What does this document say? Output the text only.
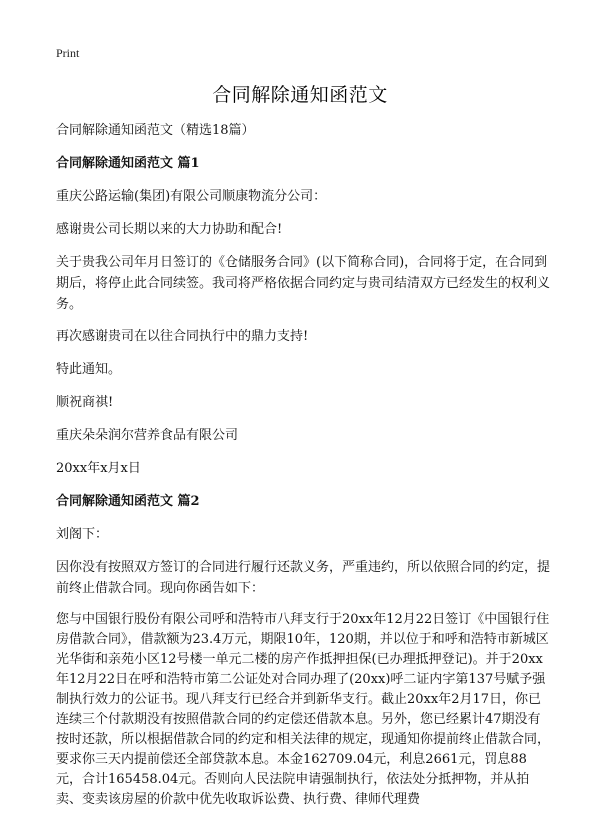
Print
合同解除通知函范文

合同解除通知函范文（精选18篇）

合同解除通知函范文 篇1

重庆公路运输(集团)有限公司顺康物流分公司：

感谢贵公司长期以来的大力协助和配合!

关于贵我公司年月日签订的《仓储服务合同》(以下简称合同)，合同将于定，在合同到期后，将停止此合同续签。我司将严格依据合同约定与贵司结清双方已经发生的权利义务。

再次感谢贵司在以往合同执行中的鼎力支持!

特此通知。

顺祝商祺!

重庆朵朵润尔营养食品有限公司

20xx年x月x日

合同解除通知函范文 篇2

刘阁下：

因你没有按照双方签订的合同进行履行还款义务，严重违约，所以依照合同的约定，提前终止借款合同。现向你函告如下：

您与中国银行股份有限公司呼和浩特市八拜支行于20xx年12月22日签订《中国银行住房借款合同》，借款额为23.4万元，期限10年，120期，并以位于和呼和浩特市新城区光华街和亲苑小区12号楼一单元二楼的房产作抵押担保(已办理抵押登记)。并于20xx年12月22日在呼和浩特市第二公证处对合同办理了(20xx)呼二证内字第137号赋予强制执行效力的公证书。现八拜支行已经合并到新华支行。截止20xx年2月17日，你已连续三个付款期没有按照借款合同的约定偿还借款本息。另外，您已经累计47期没有按时还款，所以根据借款合同的约定和相关法律的规定，现通知你提前终止借款合同，要求你三天内提前偿还全部贷款本息。本金162709.04元，利息2661元，罚息88元，合计165458.04元。否则向人民法院申请强制执行，依法处分抵押物，并从拍卖、变卖该房屋的价款中优先收取诉讼费、执行费、律师代理费
